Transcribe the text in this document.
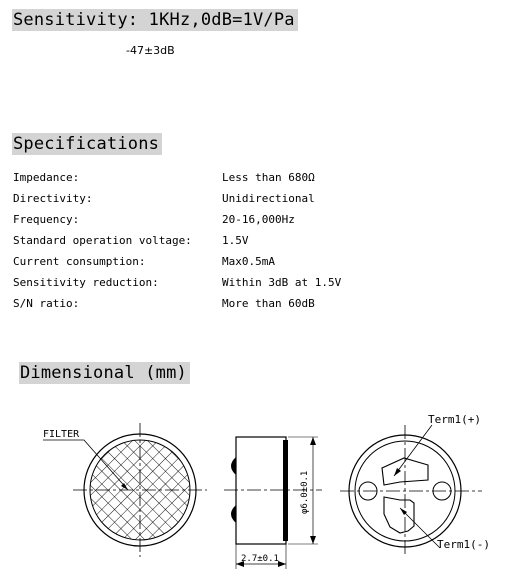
Sensitivity: 1KHz,0dB=1V/Pa
-47±3dB
Specifications
Impedance:	Less than 680Ω
Directivity:	Unidirectional
Frequency:	20-16,000Hz
Standard operation voltage:	1.5V
Current consumption:	Max0.5mA
Sensitivity reduction:	Within 3dB at 1.5V
S/N ratio:	More than 60dB
Dimensional (mm)
FILTER
φ6.0±0.1
2.7±0.1
Term1(+)
Term1(-)
